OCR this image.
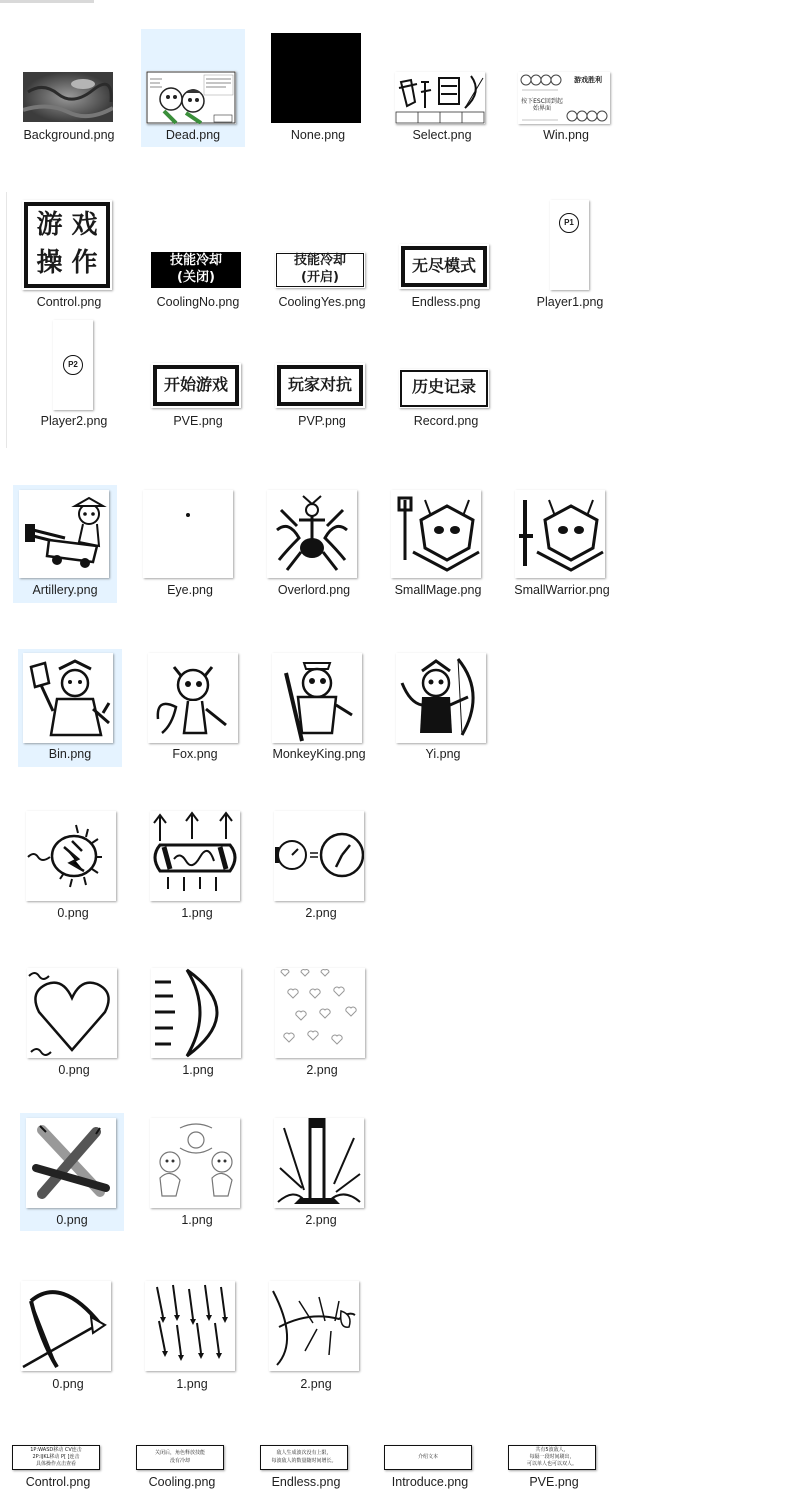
Background.png	Dead.png	None.png	Select.png
游戏胜利
按下ESC回到起始界面
Win.png
游 戏
操 作
Control.png
技能冷却
(关闭)
CoolingNo.png
技能冷却
(开启)
CoolingYes.png
无尽模式
Endless.png
P1
Player1.png
P2
Player2.png
开始游戏
PVE.png
玩家对抗
PVP.png
历史记录
Record.png
Artillery.png	Eye.png	Overlord.png	SmallMage.png	SmallWarrior.png
Bin.png	Fox.png	MonkeyKing.png	Yi.png
0.png	1.png	2.png
0.png	1.png	2.png
0.png	1.png	2.png
0.png	1.png	2.png
1P:WASD移动 CV连击
2P:IJKL移动 P[ ]连击
具体操作点击查看
Control.png
关闭后，角色释放技能
没有冷却
Cooling.png
敌人生成波次没有上限，
每波敌人的数量随时间增长。
Endless.png
介绍文本
Introduce.png
共有5波敌人，
每隔一段时间刷出，
可以单人也可以双人。
PVE.png
